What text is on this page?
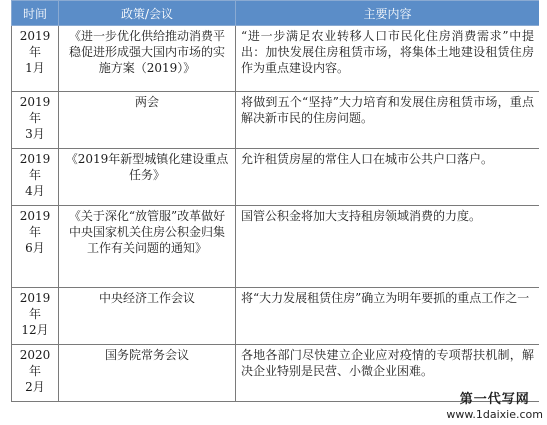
时间	政策/会议	主要内容

2019
年
1月	《进一步优化供给推动消费平稳促进形成强大国内市场的实施方案（2019）》	“进一步满足农业转移人口市民化住房消费需求”中提出：加快发展住房租赁市场，将集体土地建设租赁住房作为重点建设内容。

2019
年
3月	两会	将做到五个“坚持”大力培育和发展住房租赁市场，重点解决新市民的住房问题。

2019
年
4月	《2019年新型城镇化建设重点任务》	允许租赁房屋的常住人口在城市公共户口落户。

2019
年
6月	《关于深化“放管服”改革做好中央国家机关住房公积金归集工作有关问题的通知》	国管公积金将加大支持租房领域消费的力度。

2019
年
12月	中央经济工作会议	将“大力发展租赁住房”确立为明年要抓的重点工作之一

2020
年
2月	国务院常务会议	各地各部门尽快建立企业应对疫情的专项帮扶机制，解决企业特别是民营、小微企业困难。
第一代写网
www.1daixie.com
